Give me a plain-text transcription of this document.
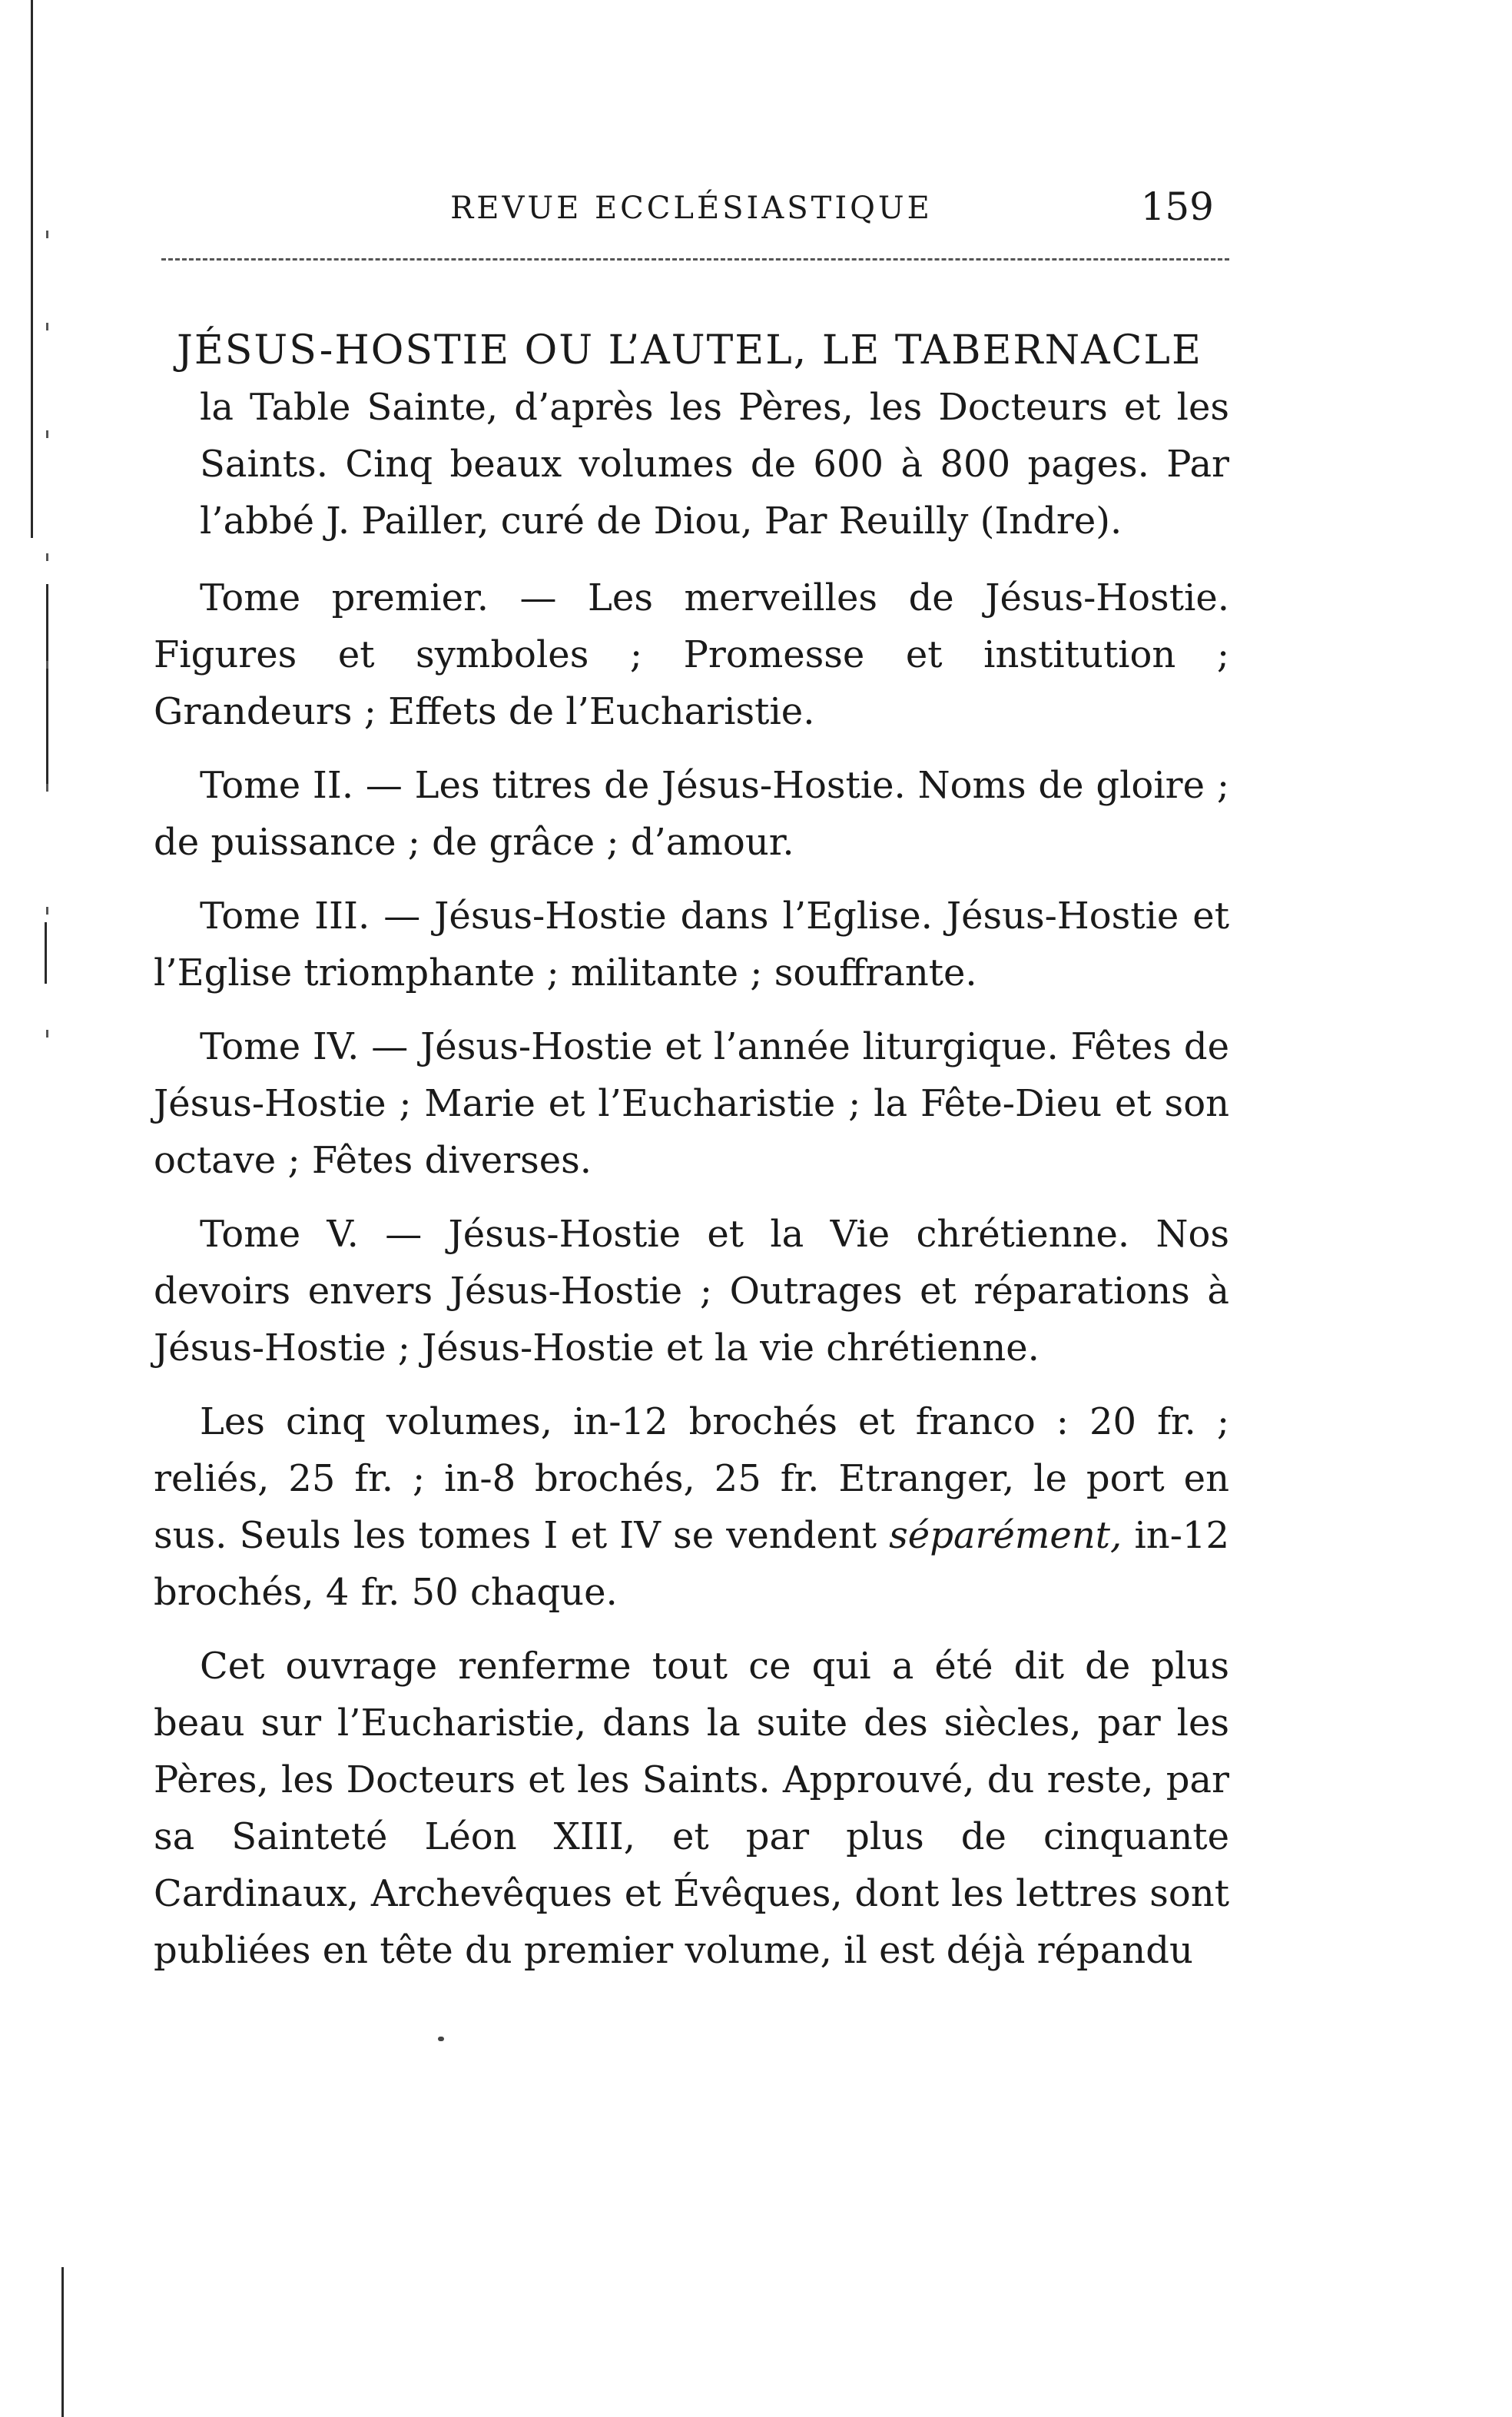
REVUE ECCLÉSIASTIQUE	159
JÉSUS-HOSTIE OU L’AUTEL, LE TABERNACLE

la Table Sainte, d’après les Pères, les Docteurs et les Saints. Cinq beaux volumes de 600 à 800 pages. Par l’abbé J. Pailler, curé de Diou, Par Reuilly (Indre).

Tome premier. — Les merveilles de Jésus-Hostie. Figures et symboles ; Promesse et institution ; Grandeurs ; Effets de l’Eucharistie.

Tome II. — Les titres de Jésus-Hostie. Noms de gloire ; de puissance ; de grâce ; d’amour.

Tome III. — Jésus-Hostie dans l’Eglise. Jésus-Hostie et l’Eglise triomphante ; militante ; souffrante.

Tome IV. — Jésus-Hostie et l’année liturgique. Fêtes de Jésus-Hostie ; Marie et l’Eucharistie ; la Fête-Dieu et son octave ; Fêtes diverses.

Tome V. — Jésus-Hostie et la Vie chrétienne. Nos devoirs envers Jésus-Hostie ; Outrages et réparations à Jésus-Hostie ; Jésus-Hostie et la vie chrétienne.

Les cinq volumes, in-12 brochés et franco : 20 fr. ; reliés, 25 fr. ; in-8 brochés, 25 fr. Etranger, le port en sus. Seuls les tomes I et IV se vendent séparément, in-12 brochés, 4 fr. 50 chaque.

Cet ouvrage renferme tout ce qui a été dit de plus beau sur l’Eucharistie, dans la suite des siècles, par les Pères, les Docteurs et les Saints. Approuvé, du reste, par sa Sainteté Léon XIII, et par plus de cinquante Cardinaux, Archevêques et Évêques, dont les lettres sont publiées en tête du premier volume, il est déjà répandu
